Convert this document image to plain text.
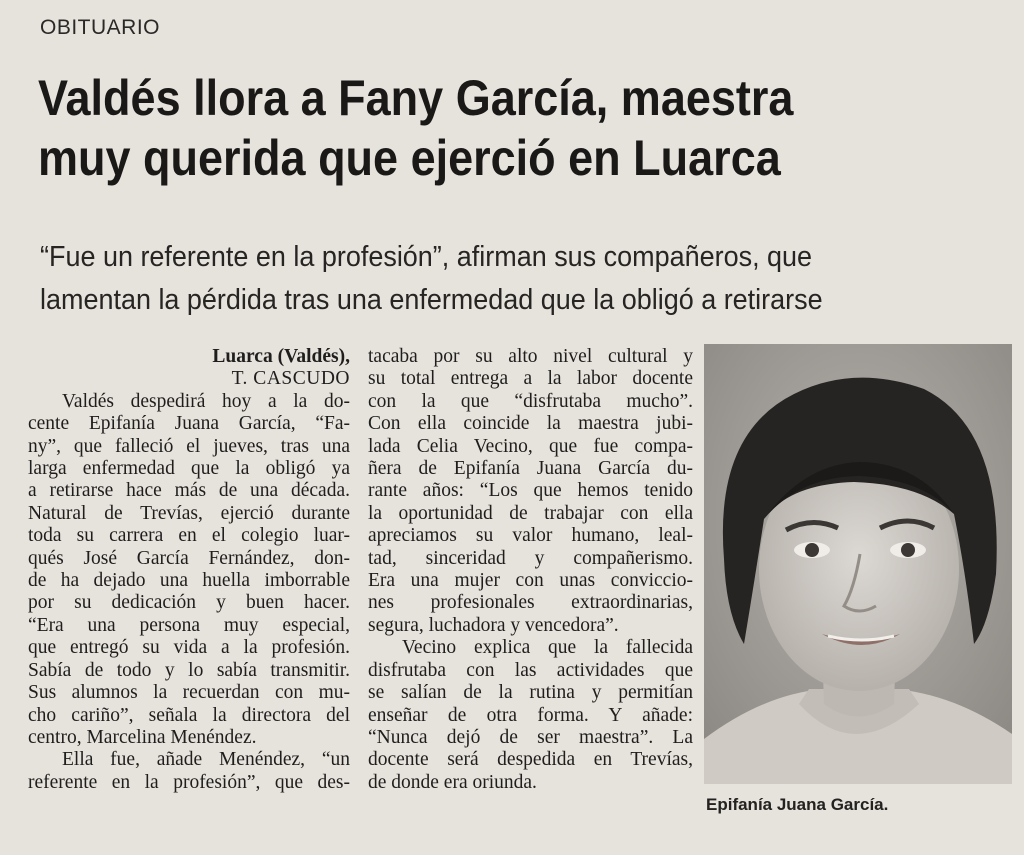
OBITUARIO
Valdés llora a Fany García, maestra
muy querida que ejerció en Luarca
“Fue un referente en la profesión”, afirman sus compañeros, que
lamentan la pérdida tras una enfermedad que la obligó a retirarse
Luarca (Valdés),
T. CASCUDO
Valdés despedirá hoy a la do-
cente Epifanía Juana García, “Fa-
ny”, que falleció el jueves, tras una
larga enfermedad que la obligó ya
a retirarse hace más de una década.
Natural de Trevías, ejerció durante
toda su carrera en el colegio luar-
qués José García Fernández, don-
de ha dejado una huella imborrable
por su dedicación y buen hacer.
“Era una persona muy especial,
que entregó su vida a la profesión.
Sabía de todo y lo sabía transmitir.
Sus alumnos la recuerdan con mu-
cho cariño”, señala la directora del
centro, Marcelina Menéndez.
Ella fue, añade Menéndez, “un
referente en la profesión”, que des-
tacaba por su alto nivel cultural y
su total entrega a la labor docente
con la que “disfrutaba mucho”.
Con ella coincide la maestra jubi-
lada Celia Vecino, que fue compa-
ñera de Epifanía Juana García du-
rante años: “Los que hemos tenido
la oportunidad de trabajar con ella
apreciamos su valor humano, leal-
tad, sinceridad y compañerismo.
Era una mujer con unas conviccio-
nes profesionales extraordinarias,
segura, luchadora y vencedora”.
Vecino explica que la fallecida
disfrutaba con las actividades que
se salían de la rutina y permitían
enseñar de otra forma. Y añade:
“Nunca dejó de ser maestra”. La
docente será despedida en Trevías,
de donde era oriunda.
Epifanía Juana García.
